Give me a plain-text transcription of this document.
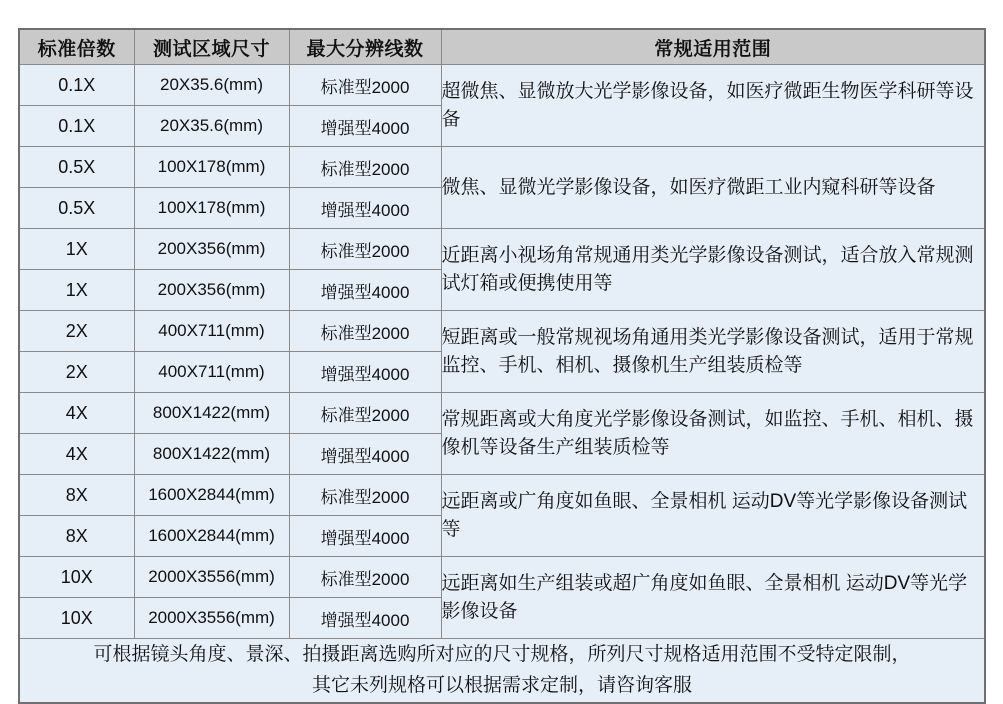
标准倍数	测试区域尺寸	最大分辨线数	常规适用范围
0.1X	20X35.6(mm)	标准型2000	超微焦、显微放大光学影像设备，如医疗微距生物医学科研等设备
0.1X	20X35.6(mm)	增强型4000	
0.5X	100X178(mm)	标准型2000	微焦、显微光学影像设备，如医疗微距工业内窥科研等设备
0.5X	100X178(mm)	增强型4000	
1X	200X356(mm)	标准型2000	近距离小视场角常规通用类光学影像设备测试，适合放入常规测试灯箱或便携使用等
1X	200X356(mm)	增强型4000	
2X	400X711(mm)	标准型2000	短距离或一般常规视场角通用类光学影像设备测试，适用于常规监控、手机、相机、摄像机生产组装质检等
2X	400X711(mm)	增强型4000	
4X	800X1422(mm)	标准型2000	常规距离或大角度光学影像设备测试，如监控、手机、相机、摄像机等设备生产组装质检等
4X	800X1422(mm)	增强型4000	
8X	1600X2844(mm)	标准型2000	远距离或广角度如鱼眼、全景相机 运动DV等光学影像设备测试等
8X	1600X2844(mm)	增强型4000	
10X	2000X3556(mm)	标准型2000	远距离如生产组装或超广角度如鱼眼、全景相机 运动DV等光学影像设备
10X	2000X3556(mm)	增强型4000	

可根据镜头角度、景深、拍摄距离选购所对应的尺寸规格，所列尺寸规格适用范围不受特定限制，
其它未列规格可以根据需求定制，请咨询客服			
